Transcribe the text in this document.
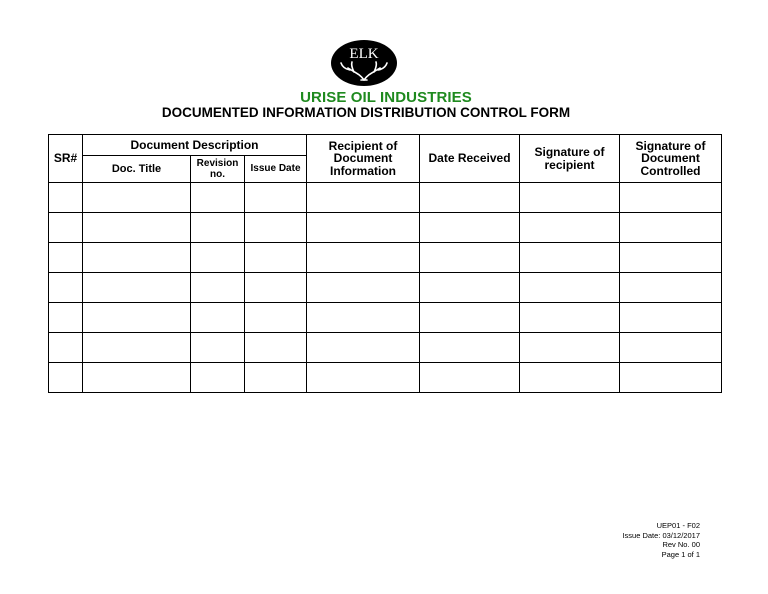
ELK
URISE OIL INDUSTRIES
DOCUMENTED INFORMATION DISTRIBUTION CONTROL FORM
SR#	Document Description			Recipient of Document Information	Date Received	Signature of recipient	Signature of Document Controlled
	Doc. Title	Revision no.	Issue Date				

UEP01 - F02
Issue Date: 03/12/2017
Rev No. 00
Page 1 of 1
